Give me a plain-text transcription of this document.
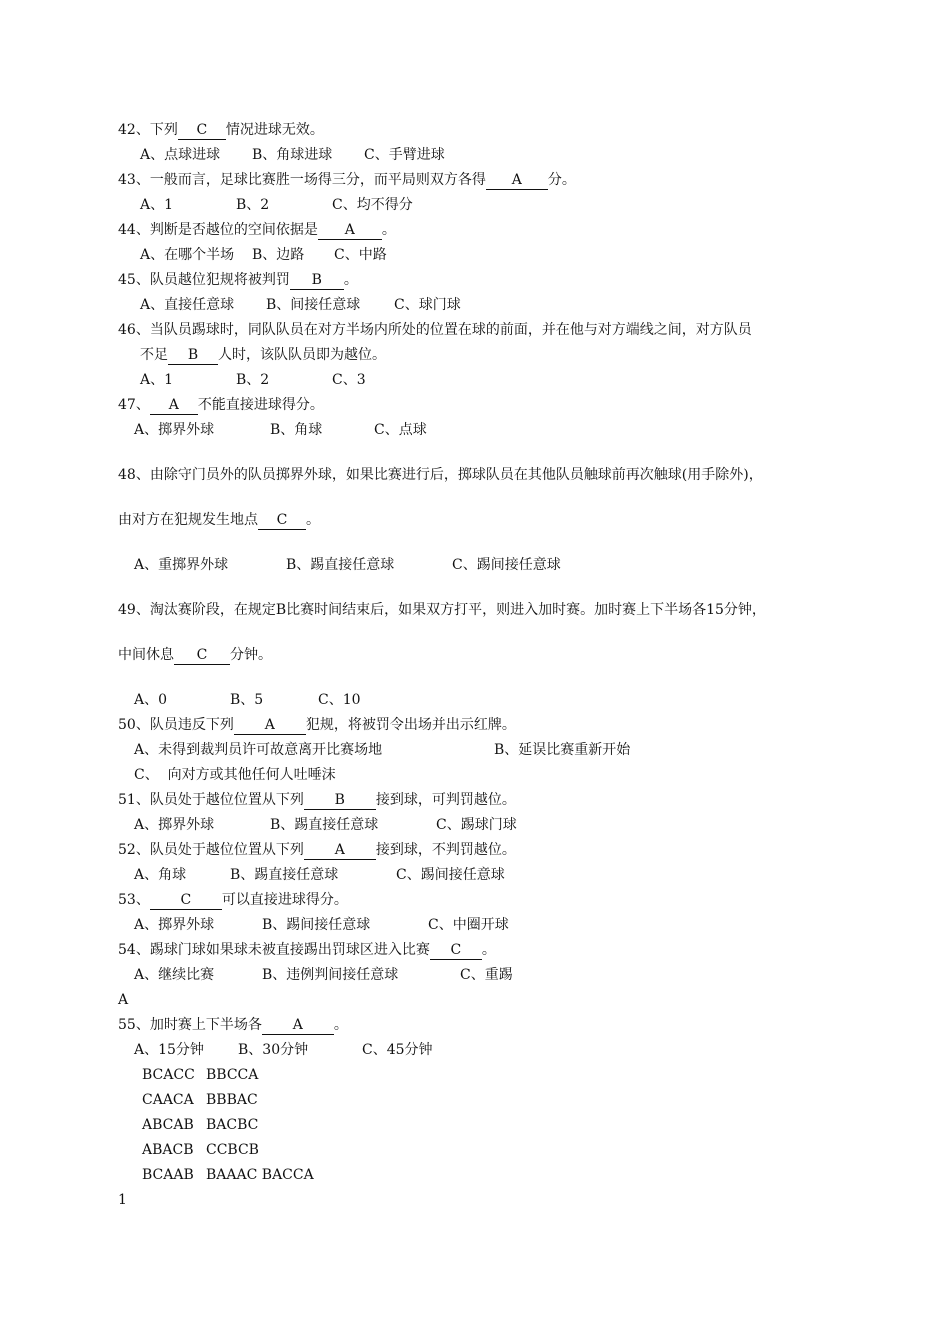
42、下列 C 情况进球无效。
A、点球进球 B、角球进球 C、手臂进球
43、一般而言，足球比赛胜一场得三分，而平局则双方各得 A 分。
A、1	B、2	C、均不得分
44、判断是否越位的空间依据是 A 。
A、在哪个半场 B、边路 C、中路
45、队员越位犯规将被判罚 B 。
A、直接任意球 B、间接任意球 C、球门球
46、当队员踢球时，同队队员在对方半场内所处的位置在球的前面，并在他与对方端线之间，对方队员
不足 B 人时，该队队员即为越位。
A、1	B、2	C、3
47、 A 不能直接进球得分。
A、掷界外球	B、角球	C、点球
48、由除守门员外的队员掷界外球，如果比赛进行后，掷球队员在其他队员触球前再次触球(用手除外)，
由对方在犯规发生地点 C 。
A、重掷界外球	B、踢直接任意球	C、踢间接任意球
49、淘汰赛阶段，在规定B比赛时间结束后，如果双方打平，则进入加时赛。加时赛上下半场各15分钟，
中间休息 C 分钟。
A、0	B、5	C、10
50、队员违反下列 A 犯规，将被罚令出场并出示红牌。
A、未得到裁判员许可故意离开比赛场地	B、延误比赛重新开始
C、  向对方或其他任何人吐唾沫
51、队员处于越位位置从下列 B 接到球，可判罚越位。
A、掷界外球	B、踢直接任意球	C、踢球门球
52、队员处于越位位置从下列 A 接到球，不判罚越位。
A、角球	B、踢直接任意球	C、踢间接任意球
53、 C 可以直接进球得分。
A、掷界外球	B、踢间接任意球	C、中圈开球
54、踢球门球如果球未被直接踢出罚球区进入比赛 C 。
A、继续比赛	B、违例判间接任意球	C、重踢
A
55、加时赛上下半场各 A 。
A、15分钟 B、30分钟	C、45分钟
BCACC BBCCA
CAACA BBBAC
ABCAB BACBC
ABACB CCBCB
BCAAB BAAAC BACCA
1
